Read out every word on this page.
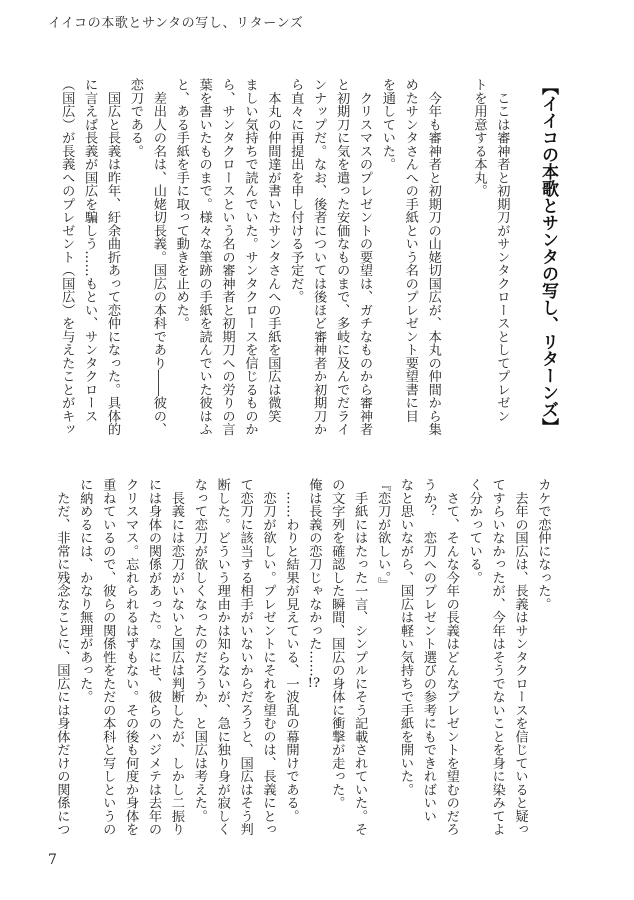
イイコの本歌とサンタの写し、リターンズ
【イイコの本歌とサンタの写し、リターンズ】
　ここは審神者と初期刀がサンタクロースとしてプレゼン
トを用意する本丸。
　今年も審神者と初期刀の山姥切国広が、本丸の仲間から集
めたサンタさんへの手紙という名のプレゼント要望書に目
を通していた。
　クリスマスのプレゼントの要望は、ガチなものから審神者
と初期刀に気を遣った安価なものまで、多岐に及んでだライ
ンナップだ。なお、後者については後ほど審神者か初期刀か
ら直々に再提出を申し付ける予定だ。
　本丸の仲間達が書いたサンタさんへの手紙を国広は微笑
ましい気持ちで読んでいた。サンタクロースを信じるものか
ら、サンタクロースという名の審神者と初期刀への労りの言
葉を書いたものまで。様々な筆跡の手紙を読んでいた彼はふ
と、ある手紙を手に取って動きを止めた。
　差出人の名は、山姥切長義。国広の本科であり――彼の、
恋刀である。
　国広と長義は昨年、紆余曲折あって恋仲になった。具体的
に言えば長義が国広を騙しう……もとい、サンタクロース
（国広）が長義へのプレゼント（国広）を与えたことがキッ
カケで恋仲になった。
　去年の国広は、長義はサンタクロースを信じていると疑っ
てすらいなかったが、今年はそうでないことを身に染みてよ
く分かっている。
　さて、そんな今年の長義はどんなプレゼントを望むのだろ
うか？　恋刀へのプレゼント選びの参考にもできればいい
なと思いながら、国広は軽い気持ちで手紙を開いた。
『恋刀が欲しい。』
　手紙にはたった一言、シンプルにそう記載されていた。そ
の文字列を確認した瞬間、国広の身体に衝撃が走った。
俺は長義の恋刀じゃなかった……!?
　……わりと結果が見えている、一波乱の幕開けである。
　恋刀が欲しい。プレゼントにそれを望むのは、長義にとっ
て恋刀に該当する相手がいないからだろうと、国広はそう判
断した。どういう理由かは知らないが、急に独り身が寂しく
なって恋刀が欲しくなったのだろうか、と国広は考えた。
　長義には恋刀がいないと国広は判断したが、しかし二振り
には身体の関係があった。なにせ、彼らのハジメテは去年の
クリスマス。忘れられるはずもない。その後も何度か身体を
重ねているので、彼らの関係性をただの本科と写しというの
に納めるには、かなり無理があった。
　ただ、非常に残念なことに、国広には身体だけの関係につ
7
